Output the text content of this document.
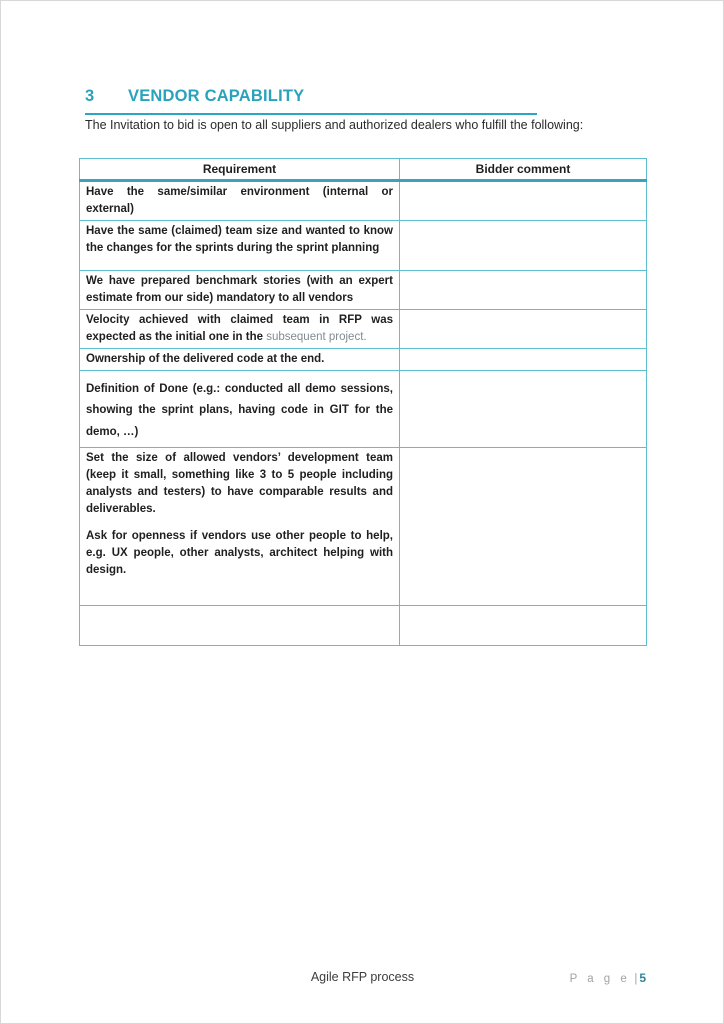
3	VENDOR CAPABILITY

The Invitation to bid is open to all suppliers and authorized dealers who fulfill the following:

Requirement	Bidder comment
Have the same/similar environment (internal or external)	
Have the same (claimed) team size and wanted to know the changes for the sprints during the sprint planning	
We have prepared benchmark stories (with an expert estimate from our side) mandatory to all vendors	
Velocity achieved with claimed team in RFP was expected as the initial one in the subsequent project.	
Ownership of the delivered code at the end.	
Definition of Done (e.g.: conducted all demo sessions, showing the sprint plans, having code in GIT for the demo, …)	

Set the size of allowed vendors’ development team (keep it small, something like 3 to 5 people including analysts and testers) to have comparable results and deliverables.

Ask for openness if vendors use other people to help, e.g. UX people, other analysts, architect helping with design.	

Agile RFP process	P a g e | 5
